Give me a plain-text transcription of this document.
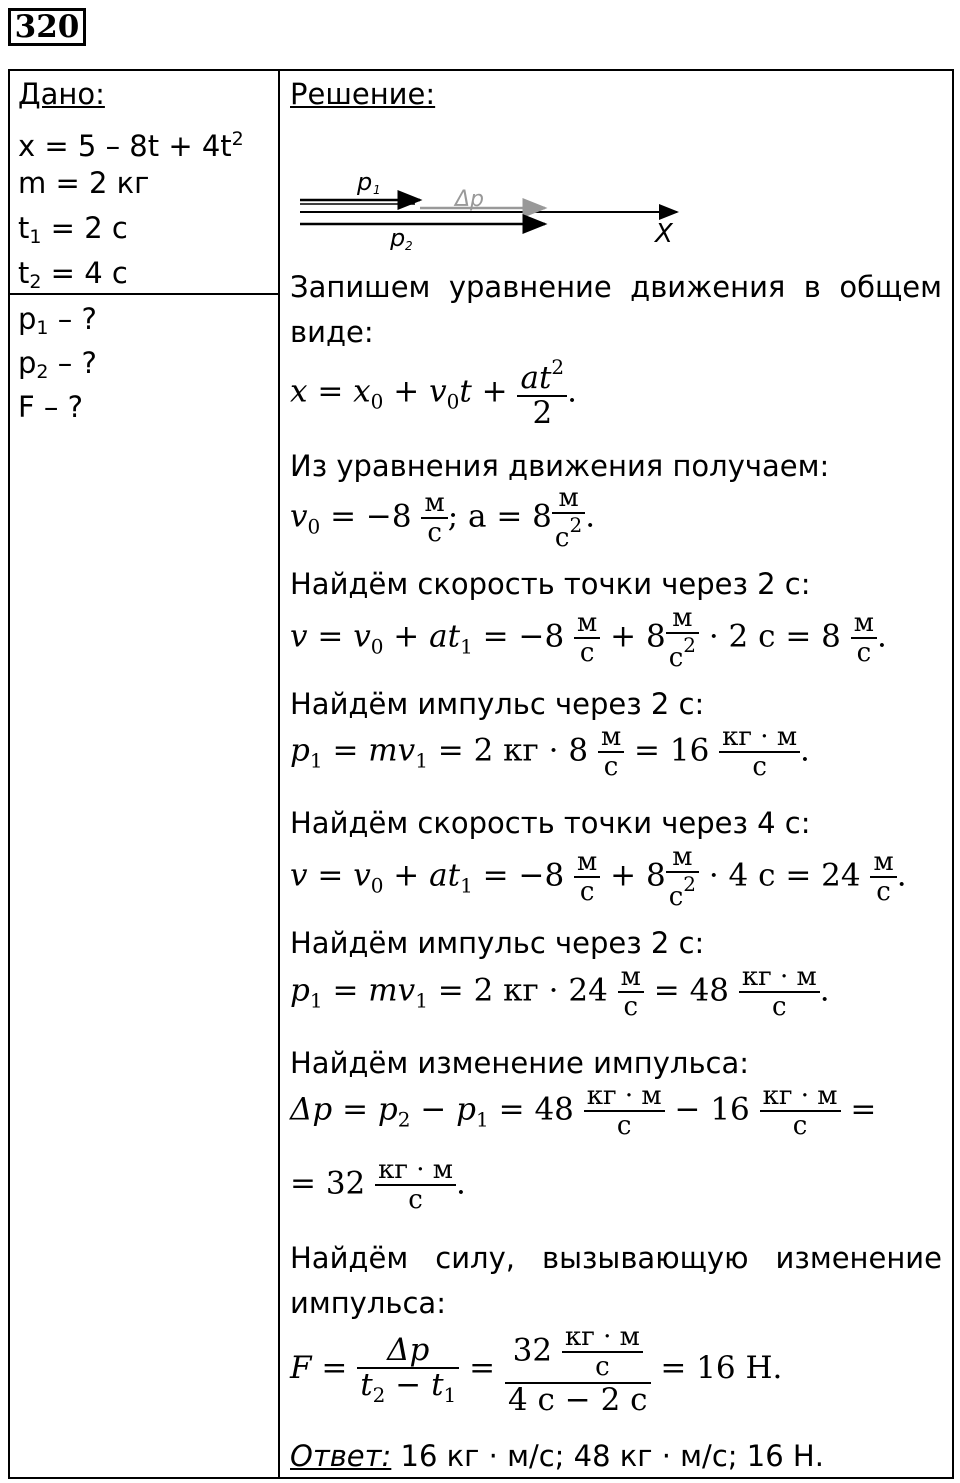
320
Дано:
$x = 5 - 8t + 4t^2$
m = 2 кг
$t_1 = 2$ с
$t_2 = 4$ с
$p_1$ – ?
$p_2$ – ?
F – ?
Решение:
p 1	Δp
p 2	X
Запишем уравнение движения в общем
виде:
$x = x_0 + v_0t + \frac{at^2}{2}$ .
Из уравнения движения получаем:
$v_0 = -8$ м
с ; a = 8
м
$с^2$ .
Найдём скорость точки через 2 с:
$v = v_0 + at_1 = -8$ м
с + 8
м
$с^2 \cdot 2$ с = 8 м
с .
Найдём импульс через 2 с:
$p_1 = mv_1 = 2$ кг · 8 м
с = 16 кг · м
с	.
Найдём скорость точки через 4 с:
$v = v_0 + at_1 = -8$ м
с + 8
м
$с^2 \cdot 4$ с = 24 м
с .
Найдём импульс через 2 с:
$p_1 = mv_1 = 2$ кг · 24 м
с = 48 кг · м
с	.
Найдём изменение импульса:
$\Delta p = p_2 - p_1 = 48$ кг · м
с	− 16 кг · м
с	=
= 32 кг · м
с	.
Найдём силу, вызывающую изменение
импульса:
$F = \frac{\Delta p}{t_2 - t_1} = 32$ кг · м
с
4 с − 2 с
= 16 Н.
Ответ: 16 кг · м/с; 48 кг · м/с; 16 Н.
